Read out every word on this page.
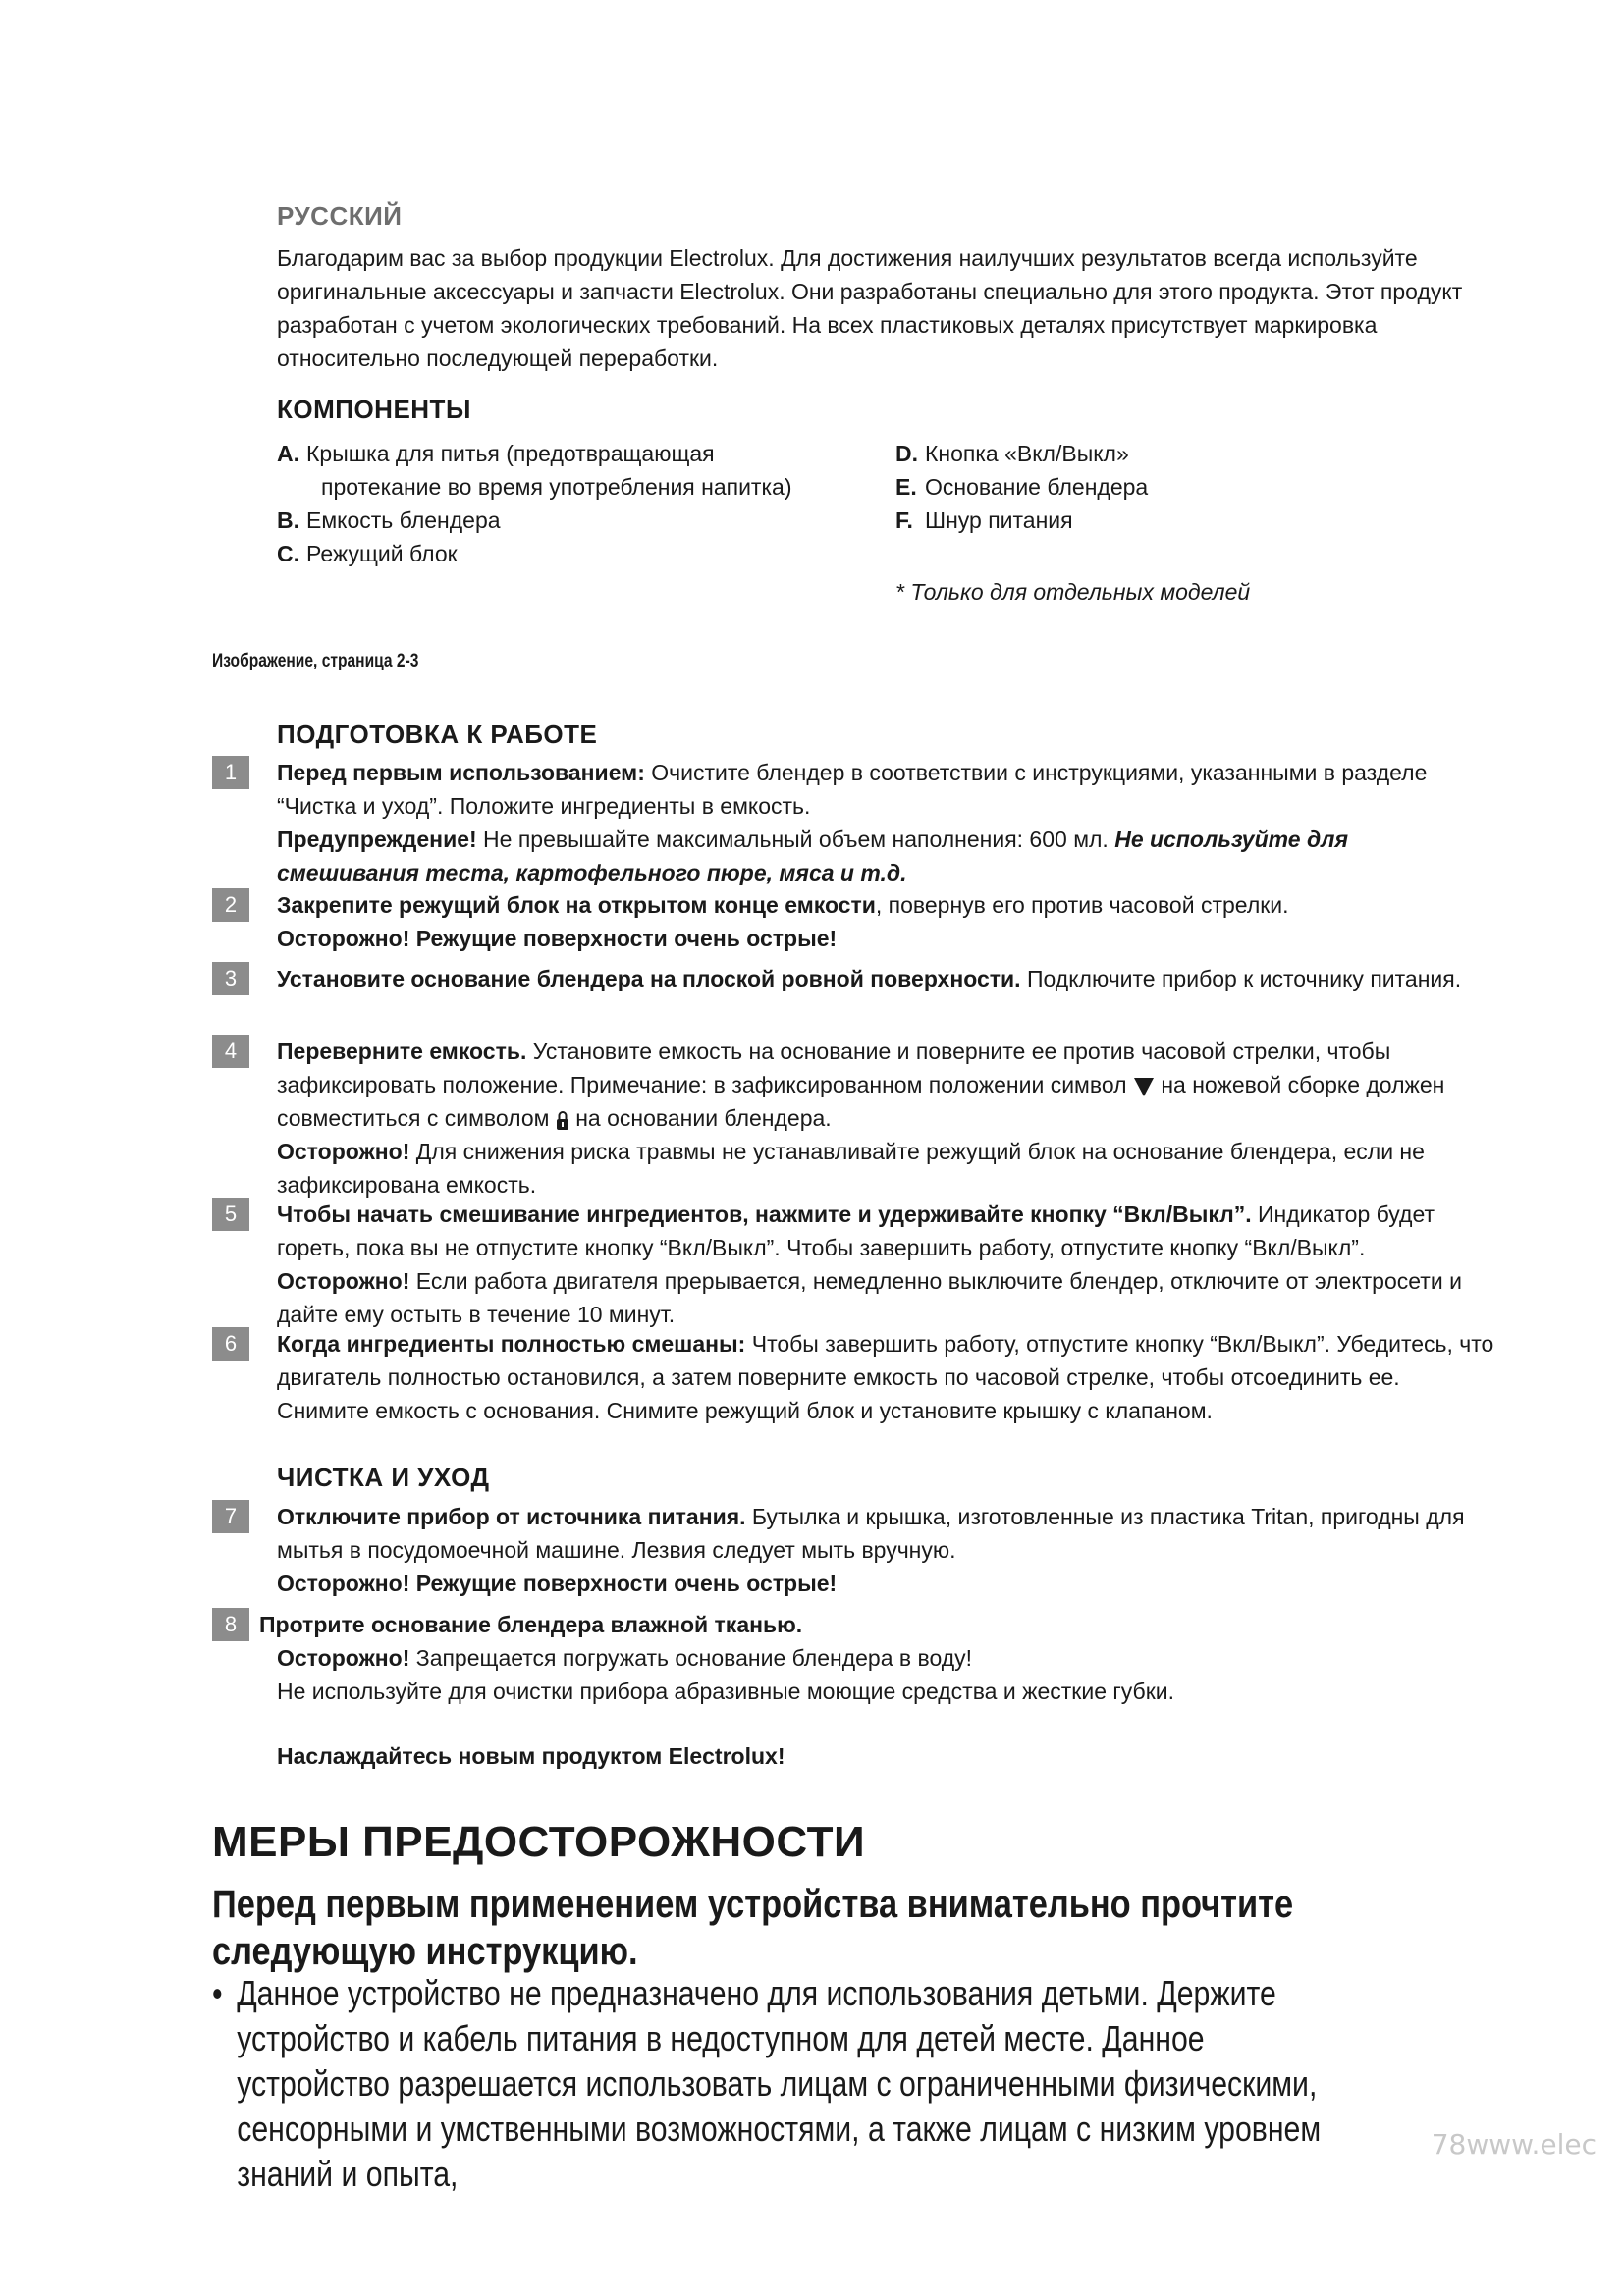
РУССКИЙ
Благодарим вас за выбор продукции Electrolux. Для достижения наилучших результатов всегда используйте оригинальные аксессуары и запчасти Electrolux. Они разработаны специально для этого продукта. Этот продукт разработан с учетом экологических требований. На всех пластиковых деталях присутствует маркировка относительно последующей переработки.
КОМПОНЕНТЫ
A. Крышка для питья (предотвращающая
протекание во время употребления напитка)
B. Емкость блендера
C. Режущий блок
D. Кнопка «Вкл/Выкл»
E. Основание блендера
F. Шнур питания
* Только для отдельных моделей
Изображение, страница 2-3
ПОДГОТОВКА К РАБОТЕ
1	Перед первым использованием: Очистите блендер в соответствии с инструкциями, указанными в разделе “Чистка и уход”. Положите ингредиенты в емкость.

Предупреждение! Не превышайте максимальный объем наполнения: 600 мл. Не используйте для смешивания теста, картофельного пюре, мяса и т.д.

2	Закрепите режущий блок на открытом конце емкости, повернув его против часовой стрелки.

Осторожно! Режущие поверхности очень острые!

3	Установите основание блендера на плоской ровной поверхности. Подключите прибор к источнику питания.

4	Переверните емкость. Установите емкость на основание и поверните ее против часовой стрелки, чтобы зафиксировать положение. Примечание: в зафиксированном положении символ  на ножевой сборке должен совместиться с символом  на основании блендера.

Осторожно! Для снижения риска травмы не устанавливайте режущий блок на основание блендера, если не зафиксирована емкость.

5	Чтобы начать смешивание ингредиентов, нажмите и удерживайте кнопку “Вкл/Выкл”. Индикатор будет гореть, пока вы не отпустите кнопку “Вкл/Выкл”. Чтобы завершить работу, отпустите кнопку “Вкл/Выкл”.

Осторожно! Если работа двигателя прерывается, немедленно выключите блендер, отключите от электросети и дайте ему остыть в течение 10 минут.

6	Когда ингредиенты полностью смешаны: Чтобы завершить работу, отпустите кнопку “Вкл/Выкл”. Убедитесь, что двигатель полностью остановился, а затем поверните емкость по часовой стрелке, чтобы отсоединить ее. Снимите емкость с основания. Снимите режущий блок и установите крышку с клапаном.

ЧИСТКА И УХОД
7	Отключите прибор от источника питания. Бутылка и крышка, изготовленные из пластика Tritan, пригодны для мытья в посудомоечной машине. Лезвия следует мыть вручную.

Осторожно! Режущие поверхности очень острые!

8 Протрите основание блендера влажной тканью.

Осторожно! Запрещается погружать основание блендера в воду!

Не используйте для очистки прибора абразивные моющие средства и жесткие губки.

Наслаждайтесь новым продуктом Electrolux!
МЕРЫ ПРЕДОСТОРОЖНОСТИ
Перед первым применением устройства внимательно прочтите следующую инструкцию.
• Данное устройство не предназначено для использования детьми. Держите устройство и кабель питания в недоступном для детей месте. Данное устройство разрешается использовать лицам с ограниченными физическими, сенсорными и умственными возможностями, а также лицам с низким уровнем знаний и опыта,
78www.elec
